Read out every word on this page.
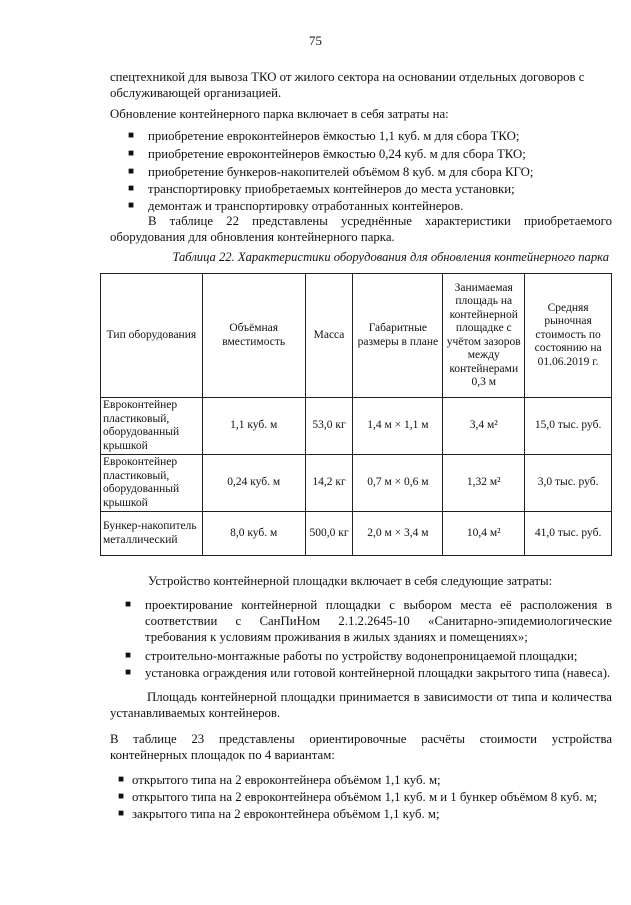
75
спецтехникой для вывоза ТКО от жилого сектора на основании отдельных договоров с обслуживающей организацией.
Обновление контейнерного парка включает в себя затраты на:
■ приобретение евроконтейнеров ёмкостью 1,1 куб. м для сбора ТКО;
■ приобретение евроконтейнеров ёмкостью 0,24 куб. м для сбора ТКО;
■ приобретение бункеров-накопителей объёмом 8 куб. м для сбора КГО;
■ транспортировку приобретаемых контейнеров до места установки;
■ демонтаж и транспортировку отработанных контейнеров.
В таблице 22 представлены усреднённые характеристики приобретаемого оборудования для обновления контейнерного парка.
Таблица 22. Характеристики оборудования для обновления контейнерного парка
Тип оборудования	Объёмная вместимость	Масса	Габаритные размеры в плане	Занимаемая площадь на контейнерной площадке с учётом зазоров между контейнерами 0,3 м	Средняя рыночная стоимость по состоянию на 01.06.2019 г.
Евроконтейнер пластиковый, оборудованный крышкой	1,1 куб. м	53,0 кг	1,4 м × 1,1 м	3,4 м²	15,0 тыс. руб.
Евроконтейнер пластиковый, оборудованный крышкой	0,24 куб. м	14,2 кг	0,7 м × 0,6 м	1,32 м²	3,0 тыс. руб.
Бункер-накопитель металлический	8,0 куб. м	500,0 кг	2,0 м × 3,4 м	10,4 м²	41,0 тыс. руб.
Устройство контейнерной площадки включает в себя следующие затраты:
■ проектирование контейнерной площадки с выбором места её расположения в соответствии с СанПиНом 2.1.2.2645-10 «Санитарно-эпидемиологические требования к условиям проживания в жилых зданиях и помещениях»;
■ строительно-монтажные работы по устройству водонепроницаемой площадки;
■ установка ограждения или готовой контейнерной площадки закрытого типа (навеса).
Площадь контейнерной площадки принимается в зависимости от типа и количества устанавливаемых контейнеров.
В таблице 23 представлены ориентировочные расчёты стоимости устройства контейнерных площадок по 4 вариантам:
■ открытого типа на 2 евроконтейнера объёмом 1,1 куб. м;
■ открытого типа на 2 евроконтейнера объёмом 1,1 куб. м и 1 бункер объёмом 8 куб. м;
■ закрытого типа на 2 евроконтейнера объёмом 1,1 куб. м;
